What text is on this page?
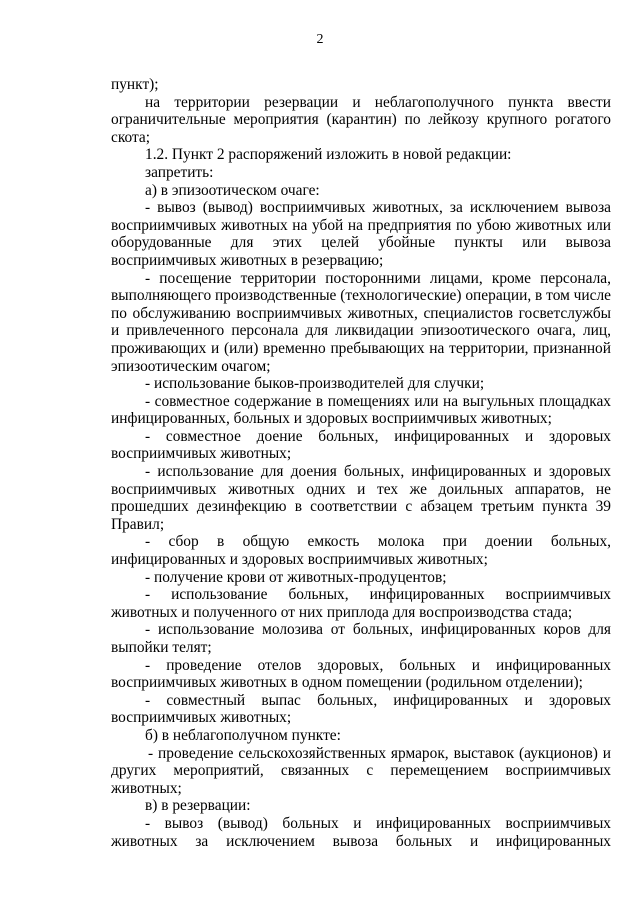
2

пункт);

на территории резервации и неблагополучного пункта ввести ограничительные мероприятия (карантин) по лейкозу крупного рогатого скота;

1.2. Пункт 2 распоряжений изложить в новой редакции:

запретить:

а) в эпизоотическом очаге:

- вывоз (вывод) восприимчивых животных, за исключением вывоза восприимчивых животных на убой на предприятия по убою животных или оборудованные для этих целей убойные пункты или вывоза восприимчивых животных в резервацию;

- посещение территории посторонними лицами, кроме персонала, выполняющего производственные (технологические) операции, в том числе по обслуживанию восприимчивых животных, специалистов госветслужбы и привлеченного персонала для ликвидации эпизоотического очага, лиц, проживающих и (или) временно пребывающих на территории, признанной эпизоотическим очагом;

- использование быков-производителей для случки;

- совместное содержание в помещениях или на выгульных площадках инфицированных, больных и здоровых восприимчивых животных;

- совместное доение больных, инфицированных и здоровых восприимчивых животных;

- использование для доения больных, инфицированных и здоровых восприимчивых животных одних и тех же доильных аппаратов, не прошедших дезинфекцию в соответствии с абзацем третьим пункта 39 Правил;

- сбор в общую емкость молока при доении больных, инфицированных и здоровых восприимчивых животных;

- получение крови от животных-продуцентов;

- использование больных, инфицированных восприимчивых животных и полученного от них приплода для воспроизводства стада;

- использование молозива от больных, инфицированных коров для выпойки телят;

- проведение отелов здоровых, больных и инфицированных восприимчивых животных в одном помещении (родильном отделении);

- совместный выпас больных, инфицированных и здоровых восприимчивых животных;

б) в неблагополучном пункте:

- проведение сельскохозяйственных ярмарок, выставок (аукционов) и других мероприятий, связанных с перемещением восприимчивых животных;

в) в резервации:

- вывоз (вывод) больных и инфицированных восприимчивых животных за исключением вывоза больных и инфицированных
